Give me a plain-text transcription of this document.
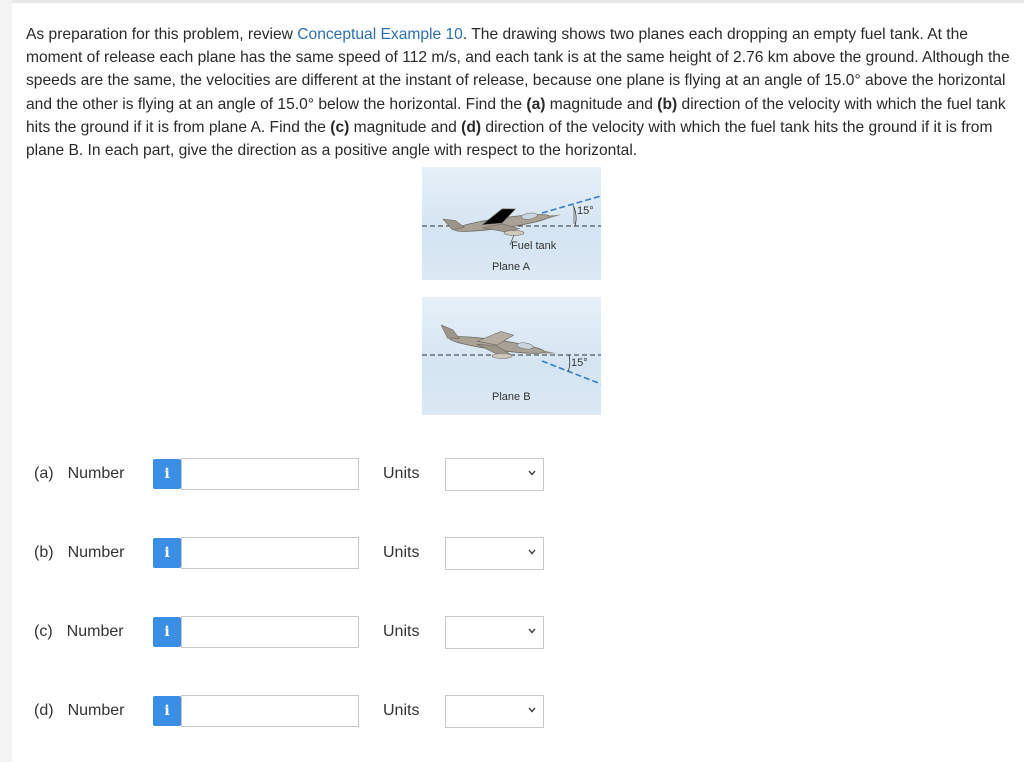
As preparation for this problem, review Conceptual Example 10. The drawing shows two planes each dropping an empty fuel tank. At the moment of release each plane has the same speed of 112 m/s, and each tank is at the same height of 2.76 km above the ground. Although the speeds are the same, the velocities are different at the instant of release, because one plane is flying at an angle of 15.0° above the horizontal and the other is flying at an angle of 15.0° below the horizontal. Find the (a) magnitude and (b) direction of the velocity with which the fuel tank hits the ground if it is from plane A. Find the (c) magnitude and (d) direction of the velocity with which the fuel tank hits the ground if it is from plane B. In each part, give the direction as a positive angle with respect to the horizontal.
15°
Fuel tank
Plane A
15°
Plane B
(a) Number	i	Units
(b) Number	i	Units
(c) Number	i	Units
(d) Number	i	Units
